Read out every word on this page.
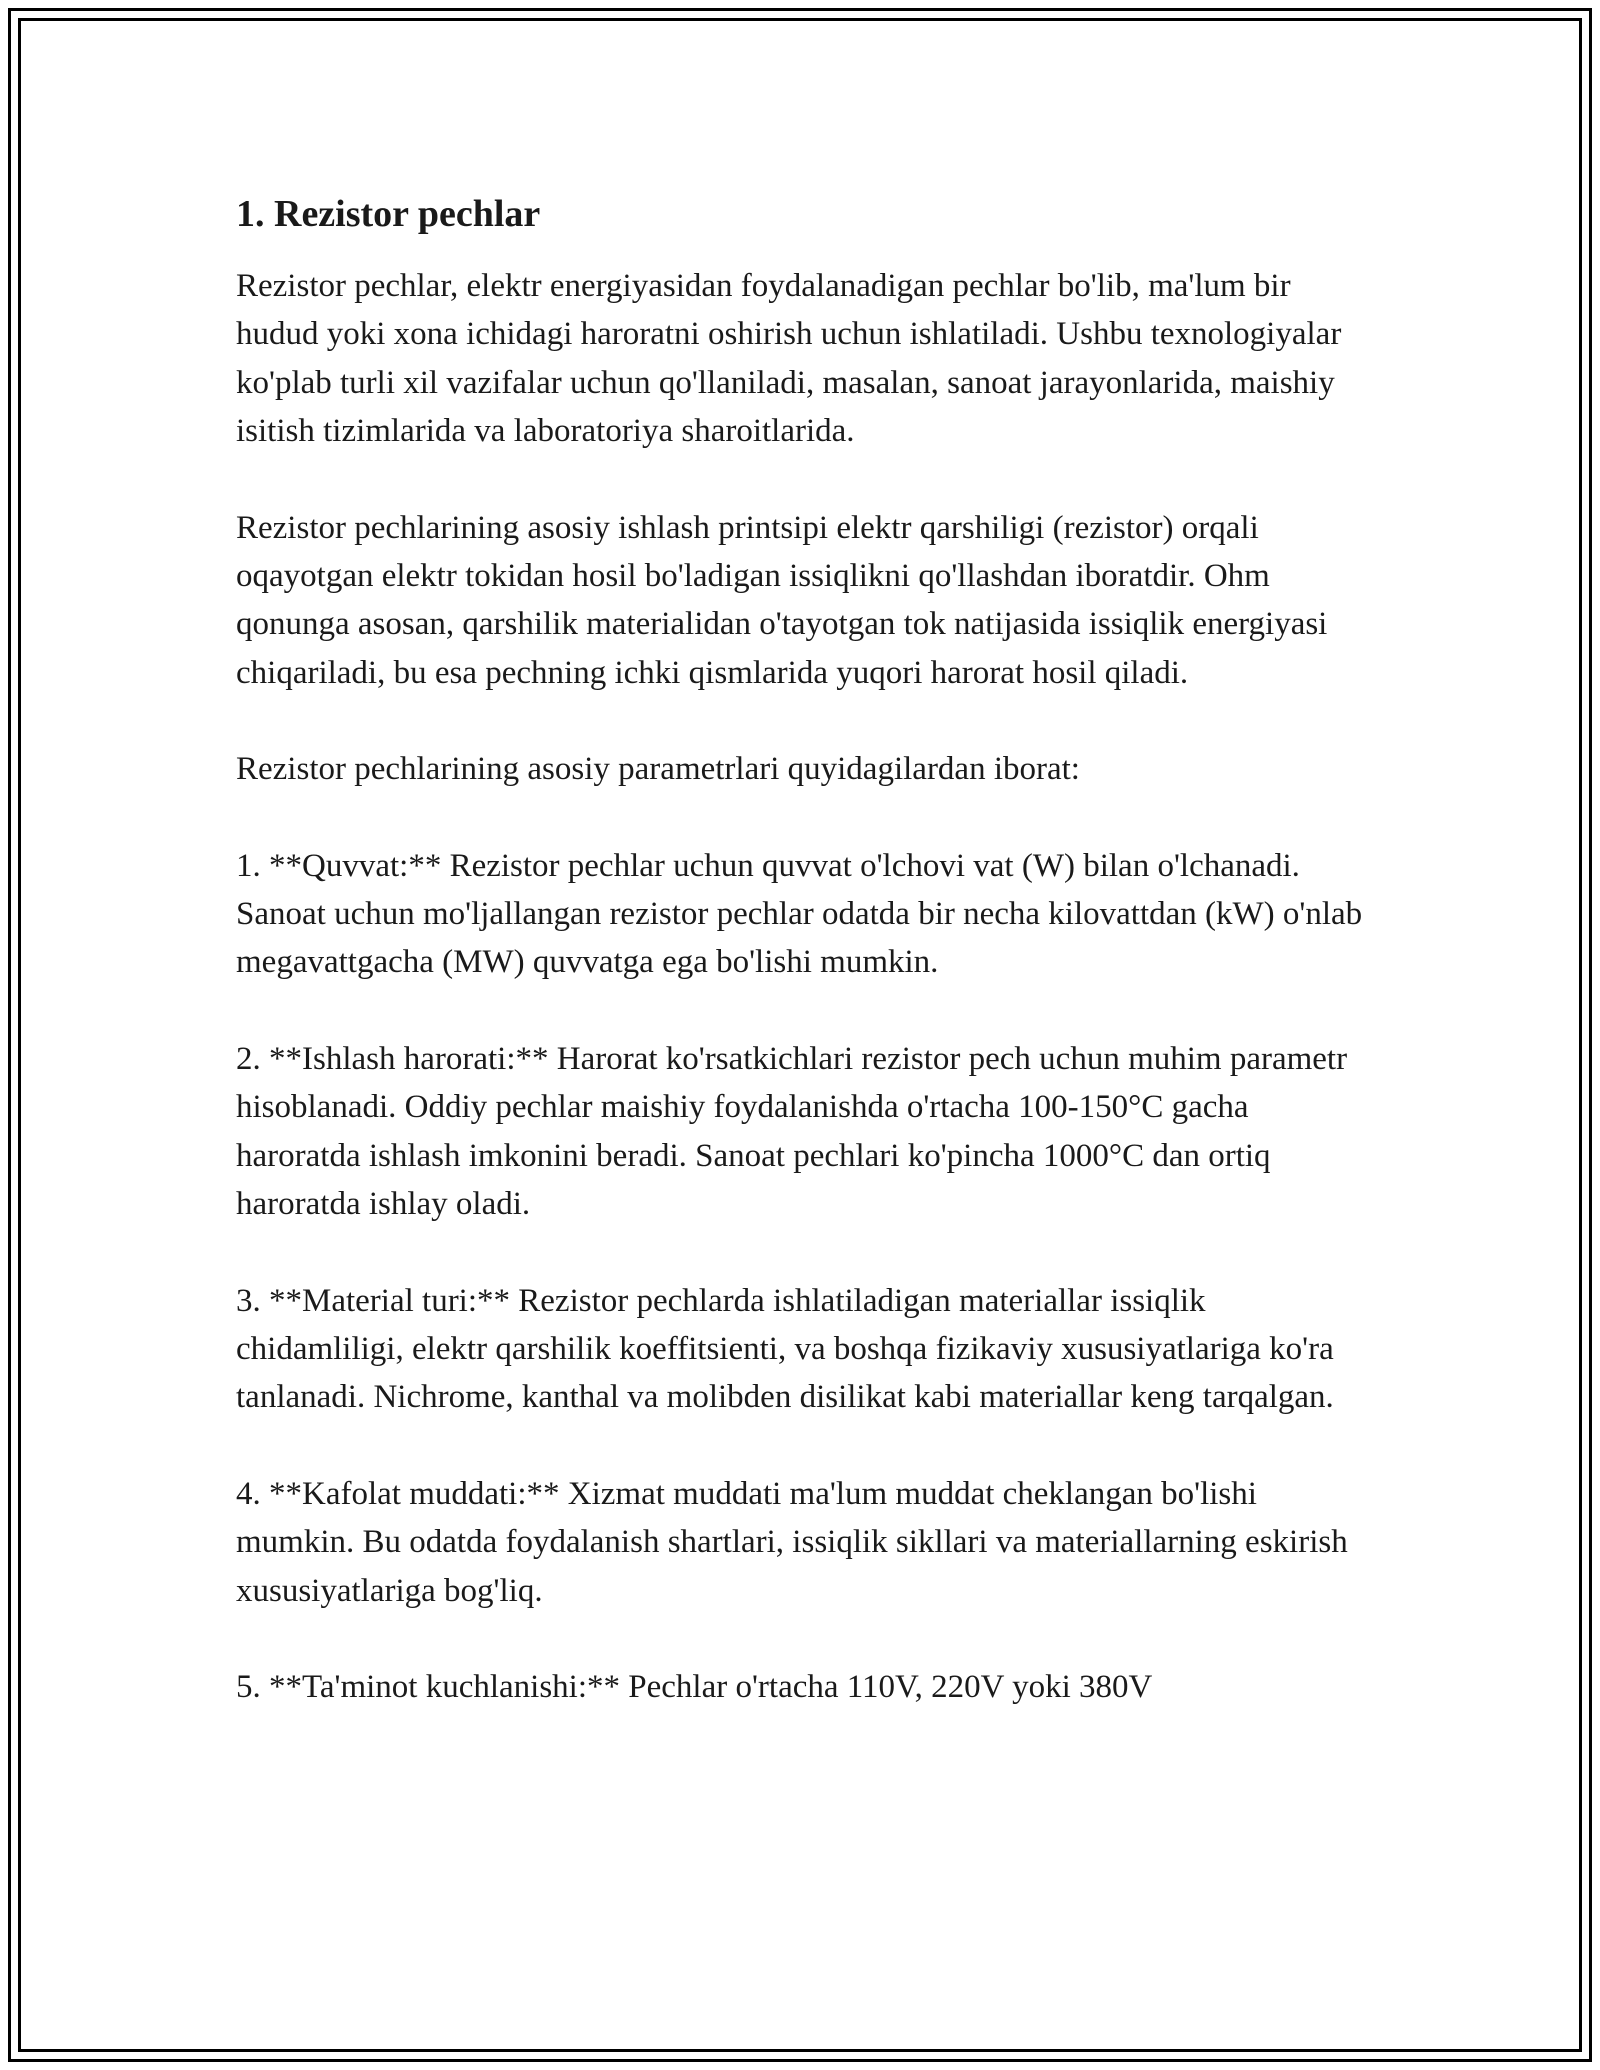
1. Rezistor pechlar

Rezistor pechlar, elektr energiyasidan foydalanadigan pechlar bo'lib, ma'lum bir hudud yoki xona ichidagi haroratni oshirish uchun ishlatiladi. Ushbu texnologiyalar ko'plab turli xil vazifalar uchun qo'llaniladi, masalan, sanoat jarayonlarida, maishiy isitish tizimlarida va laboratoriya sharoitlarida.

Rezistor pechlarining asosiy ishlash printsipi elektr qarshiligi (rezistor) orqali oqayotgan elektr tokidan hosil bo'ladigan issiqlikni qo'llashdan iboratdir. Ohm qonunga asosan, qarshilik materialidan o'tayotgan tok natijasida issiqlik energiyasi chiqariladi, bu esa pechning ichki qismlarida yuqori harorat hosil qiladi.

Rezistor pechlarining asosiy parametrlari quyidagilardan iborat:

1. **Quvvat:** Rezistor pechlar uchun quvvat o'lchovi vat (W) bilan o'lchanadi. Sanoat uchun mo'ljallangan rezistor pechlar odatda bir necha kilovattdan (kW) o'nlab megavattgacha (MW) quvvatga ega bo'lishi mumkin.

2. **Ishlash harorati:** Harorat ko'rsatkichlari rezistor pech uchun muhim parametr hisoblanadi. Oddiy pechlar maishiy foydalanishda o'rtacha 100-150°C gacha haroratda ishlash imkonini beradi. Sanoat pechlari ko'pincha 1000°C dan ortiq haroratda ishlay oladi.

3. **Material turi:** Rezistor pechlarda ishlatiladigan materiallar issiqlik chidamliligi, elektr qarshilik koeffitsienti, va boshqa fizikaviy xususiyatlariga ko'ra tanlanadi. Nichrome, kanthal va molibden disilikat kabi materiallar keng tarqalgan.

4. **Kafolat muddati:** Xizmat muddati ma'lum muddat cheklangan bo'lishi mumkin. Bu odatda foydalanish shartlari, issiqlik sikllari va materiallarning eskirish xususiyatlariga bog'liq.

5. **Ta'minot kuchlanishi:** Pechlar o'rtacha 110V, 220V yoki 380V
